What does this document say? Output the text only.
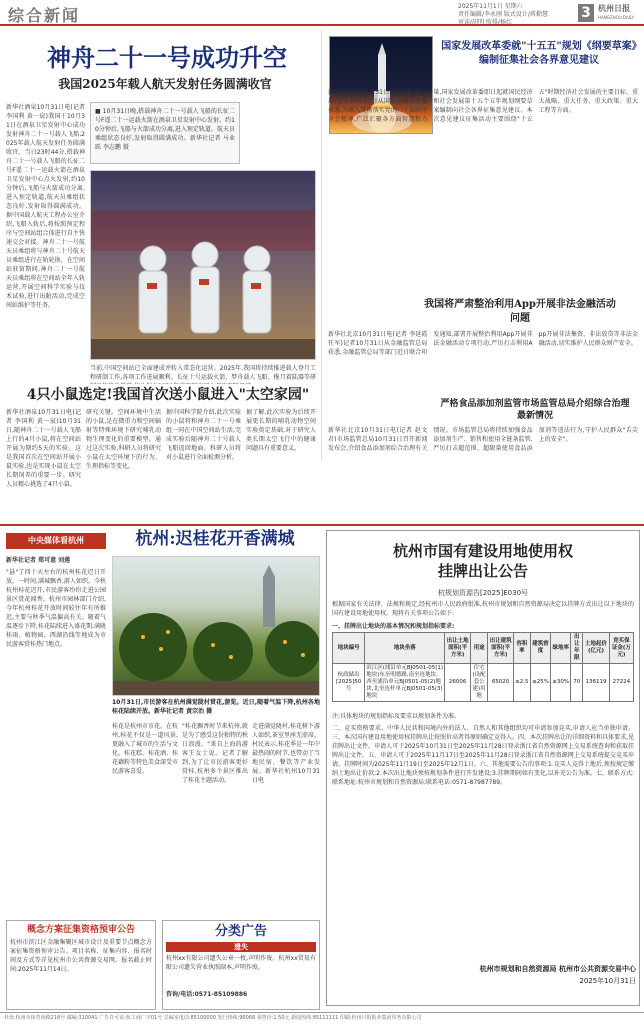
综合新闻	2025年11月1日 星期六
责任编辑/李永刚 版式设计/蒋勤慧
审读/胡明 照排/杨红
3 杭州日报
HANGZHOU DAILY
神舟二十一号成功升空
我国2025年载人航天发射任务圆满收官
新华社酒泉10月31日电(记者 李国利 黄一宸)我国于10月31日在酒泉卫星发射中心成功发射神舟二十一号载人飞船,2025年载人航天发射任务圆满收官。当日23时44分,搭载神舟二十一号载人飞船的长征二号F遥二十一运载火箭在酒泉卫星发射中心点火发射,约10分钟后,飞船与火箭成功分离,进入预定轨道,航天员乘组状态良好,发射取得圆满成功。据中国载人航天工程办公室介绍,飞船入轨后,将按照预定程序与空间站组合体进行自主快速交会对接。神舟二十一号航天员乘组将与神舟二十号航天员乘组进行在轨轮换。在空间站驻留期间,神舟二十一号航天员乘组将在空间站全年入轨运营,开展空间科学实验与技术试验,进行出舱活动,完成空间站维护等任务。
■ 10月31日晚,搭载神舟二十一号载人飞船的长征二号F遥二十一运载火箭在酒泉卫星发射中心发射。约10分钟后,飞船与火箭成功分离,进入预定轨道。航天员乘组状态良好,发射取得圆满成功。新华社记者 马业跃 李志鹏 摄
当前,中国空间站已全面建成并转入常态化运营。2025年,我国将持续推进载人登月工程研制工作,各项工作进展顺利。长征十号运载火箭、梦舟载人飞船、揽月着陆器等研
4只小鼠选定!我国首次送小鼠进入"太空家园"
新华社酒泉10月31日电(记者 李国利 黄一宸)10月31日,随神舟二十一号载人飞船上行的4只小鼠,将在空间站开展为期约5天的实验。这是我国首次在空间站开展小鼠实验,也是实现小鼠在太空长期饲养的重要一步。研究人员精心挑选了4只小鼠。
研究关键。空间环境中生活的小鼠,是在微重力和空间辐射等特殊环境下研究哺乳动物生理变化的重要模型。通过这次实验,科研人员将研究小鼠在太空环境下的行为、生理指标等变化。
据中国科学院介绍,此次实验的小鼠将和神舟二十一号乘组一同在中国空间站生活,完成实验后随神舟二十号载人飞船返回地面。科研人员将对小鼠进行全面检测分析。
据了解,此次实验为后续开展更长期的哺乳动物空间实验奠定基础,对于研究人类长期太空飞行中的健康问题具有重要意义。
国家发展改革委就"十五五"规划《纲要草案》编制征集社会各界意见建议
新华社北京10月31日电(记者 魏玉坤)记者10月31日从国家发展改革委获悉,为深入贯彻落实党的二十届四中全会精神,广泛汇聚各方面智慧和力量,国家发展改革委即日起就国民经济和社会发展第十五个五年规划纲要草案编制向社会各界征集意见建议。本次意见建议征集活动主要围绕"十五五"时期经济社会发展的主要目标、重大战略、重大任务、重大政策、重大工程等方面。
我国将严肃整治利用App开展非法金融活动问题
新华社北京10月31日电(记者 李延霞 任军)记者10月31日从金融监管总局获悉,金融监管总局等部门近日联合印发通知,部署开展整治利用App开展非法金融活动专项行动,严厉打击利用App开展非法集资、非法放贷等非法金融活动,切实维护人民群众财产安全。
严格食品添加剂监管市场监管总局介绍综合治理最新情况
新华社北京10月31日电(记者 赵文君)市场监管总局10月31日召开新闻发布会,介绍食品添加剂综合治理有关情况。市场监管总局将持续加强食品添加剂生产、销售和使用全链条监管,严厉打击超范围、超限量使用食品添加剂等违法行为,守护人民群众"舌尖上的安全"。
中央媒体看杭州	杭州:迟桂花开香满城
新华社记者 郑可意 刘莲
"悬"了四十天左右的杭州桂花迟日开放。一时间,满城飘香,游人如织。今秋杭州桂花迟开,市民游客纷纷走进公园景区赏花闻香。杭州市园林部门介绍,今年杭州桂花开放时间较往年有所推迟,主要与秋季气温偏高有关。随着气温逐步下降,桂花陆续进入盛花期,满陇桂雨、植物园、西湖沿线等地成为市民游客赏桂热门地点。
10月31日,市民游客在杭州满觉陇村赏花,游览。近日,随着气温下降,杭州各地桂花陆续开放。新华社记者 黄宗治 摄
桂花是杭州市市花。在杭州,桂花不仅是一道风景,更融入了城市的生活与文化。桂花糕、桂花酒、桂花藕粉等特色美食深受市民游客喜爱。
"桂花飘香时节来杭州,就是为了感受这份独特的秋日浪漫。"来自上海的游客王女士说。记者了解到,为了让市民游客更好赏桂,杭州多个景区推出了桂花主题活动。
走进满觉陇村,桂花树下游人如织,茶室里座无虚席。村民表示,桂花季是一年中最热闹的时节,也带动了当地民宿、餐饮等产业发展。新华社杭州10月31日电
杭州市国有建设用地使用权
挂牌出让公告
杭规划资源告[2025]E030号
根据国家有关法律、法规和规定,经杭州市人民政府批准,杭州市规划和自然资源局决定以挂牌方式出让以下地块的国有建设用地使用权。现将有关事项公告如下:
一、挂牌出让地块的基本情况和规划指标要求:
地块编号	地块坐落	出让土地面积(平方米)	用途	出让建筑面积(平方米)	容积率	建筑密度	绿地率	出让年限	土地起价(亿元)	竞买保证金(万元)
杭政储出[2025]50号	滨江区(浦沿单元BJ0501-05(1)地块)东至明德路,南至连地块,西至浦沿单元BJ0501-05(2)地块,北至连杆单元BJ0501-05(3)地块	26006	住宅(设配套公建)用地	65020	≤2.5	≤25%	≥30%	70	136119	27224
注:具体地块的规划指标及要求以规划条件为准。
二、竞买资格要求。中华人民共和国境内外的法人、自然人和其他组织均可申请参加竞买,申请人应当单独申请。三、本次国有建设用地使用权挂牌出让按照价高者得原则确定竞得人。四、本次挂牌出让的详细资料和具体要求,见挂牌出让文件。申请人可于2025年10月31日至2025年11月28日登录浙江省自然资源网上交易系统查询和获取挂牌出让文件。五、申请人可于2025年11月17日至2025年11月28日登录浙江省自然资源网上交易系统提交竞买申请。挂牌时间为2025年11月19日至2025年12月1日。六、其他需要公告的事项:1.竞买人竞得土地后,须按规定缴纳土地出让价款;2.本次出让地块须按规划条件进行开发建设;3.挂牌期间如有变化,以补充公告为准。七、联系方式:联系地址:杭州市规划和自然资源局;联系电话:0571-87987789。
杭州市规划和自然资源局 杭州市公共资源交易中心
2025年10月31日
概念方案征集资格预审公告
杭州市滨江区金融集聚区城市设计及重要节点概念方案征集资格预审公告。项目名称、征集内容、报名时间及方式等详见杭州市公共资源交易网。报名截止时间:2025年11月14日。
分类广告
遗失
杭州xx有限公司遗失公章一枚,声明作废。杭州xx贸易有限公司遗失营业执照副本,声明作废。
咨询/电话:0571-85109886
社址:杭州市体育场路218号 邮编:310041 广告许可证:杭工商广字01号 总编室电话:85100000 发行热线:96068 零售价:1.50元 新闻热线:85111111 印刷:杭州日报报业集团印务有限公司
